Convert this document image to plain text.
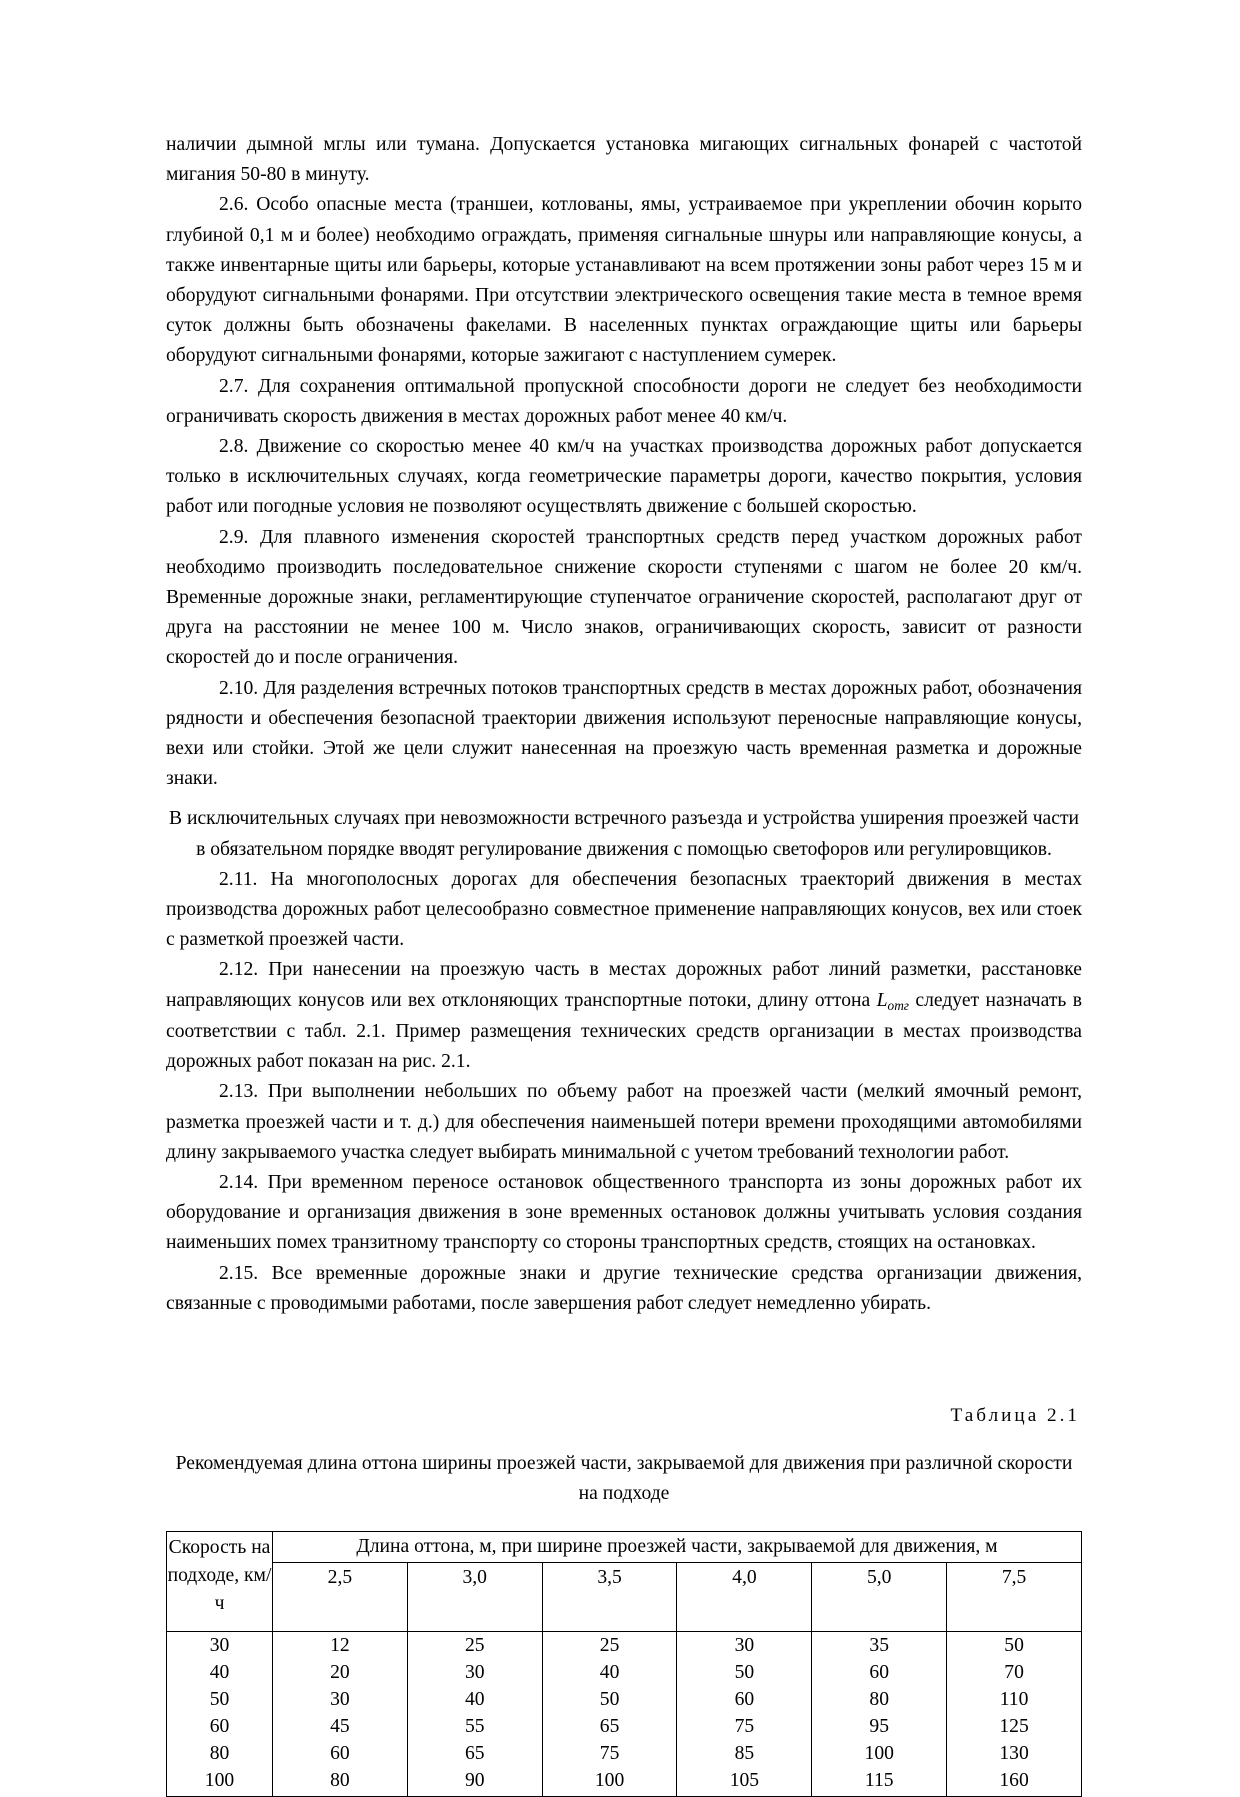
наличии дымной мглы или тумана. Допускается установка мигающих сигнальных фонарей с частотой мигания 50-80 в минуту.

2.6. Особо опасные места (траншеи, котлованы, ямы, устраиваемое при укреплении обочин корыто глубиной 0,1 м и более) необходимо ограждать, применяя сигнальные шнуры или направляющие конусы, а также инвентарные щиты или барьеры, которые устанавливают на всем протяжении зоны работ через 15 м и оборудуют сигнальными фонарями. При отсутствии электрического освещения такие места в темное время суток должны быть обозначены факелами. В населенных пунктах ограждающие щиты или барьеры оборудуют сигнальными фонарями, которые зажигают с наступлением сумерек.

2.7. Для сохранения оптимальной пропускной способности дороги не следует без необходимости ограничивать скорость движения в местах дорожных работ менее 40 км/ч.

2.8. Движение со скоростью менее 40 км/ч на участках производства дорожных работ допускается только в исключительных случаях, когда геометрические параметры дороги, качество покрытия, условия работ или погодные условия не позволяют осуществлять движение с большей скоростью.

2.9. Для плавного изменения скоростей транспортных средств перед участком дорожных работ необходимо производить последовательное снижение скорости ступенями с шагом не более 20 км/ч. Временные дорожные знаки, регламентирующие ступенчатое ограничение скоростей, располагают друг от друга на расстоянии не менее 100 м. Число знаков, ограничивающих скорость, зависит от разности скоростей до и после ограничения.

2.10. Для разделения встречных потоков транспортных средств в местах дорожных работ, обозначения рядности и обеспечения безопасной траектории движения используют переносные направляющие конусы, вехи или стойки. Этой же цели служит нанесенная на проезжую часть временная разметка и дорожные знаки.

В исключительных случаях при невозможности встречного разъезда и устройства уширения проезжей части в обязательном порядке вводят регулирование движения с помощью светофоров или регулировщиков.

2.11. На многополосных дорогах для обеспечения безопасных траекторий движения в местах производства дорожных работ целесообразно совместное применение направляющих конусов, вех или стоек с разметкой проезжей части.

2.12. При нанесении на проезжую часть в местах дорожных работ линий разметки, расстановке направляющих конусов или вех отклоняющих транспортные потоки, длину оттона $L_{отг}$ следует назначать в соответствии с табл. 2.1. Пример размещения технических средств организации в местах производства дорожных работ показан на рис. 2.1.

2.13. При выполнении небольших по объему работ на проезжей части (мелкий ямочный ремонт, разметка проезжей части и т. д.) для обеспечения наименьшей потери времени проходящими автомобилями длину закрываемого участка следует выбирать минимальной с учетом требований технологии работ.

2.14. При временном переносе остановок общественного транспорта из зоны дорожных работ их оборудование и организация движения в зоне временных остановок должны учитывать условия создания наименьших помех транзитному транспорту со стороны транспортных средств, стоящих на остановках.

2.15. Все временные дорожные знаки и другие технические средства организации движения, связанные с проводимыми работами, после завершения работ следует немедленно убирать.

Таблица 2.1
Рекомендуемая длина оттона ширины проезжей части, закрываемой для движения при различной скорости на подходе
Скорость на подходе, км/ч	Длина оттона, м, при ширине проезжей части, закрываемой для движения, м					
	2,5	3,0	3,5	4,0	5,0	7,5
30	12	25	25	30	35	50
40	20	30	40	50	60	70
50	30	40	50	60	80	110
60	45	55	65	75	95	125
80	60	65	75	85	100	130
100	80	90	100	105	115	160
